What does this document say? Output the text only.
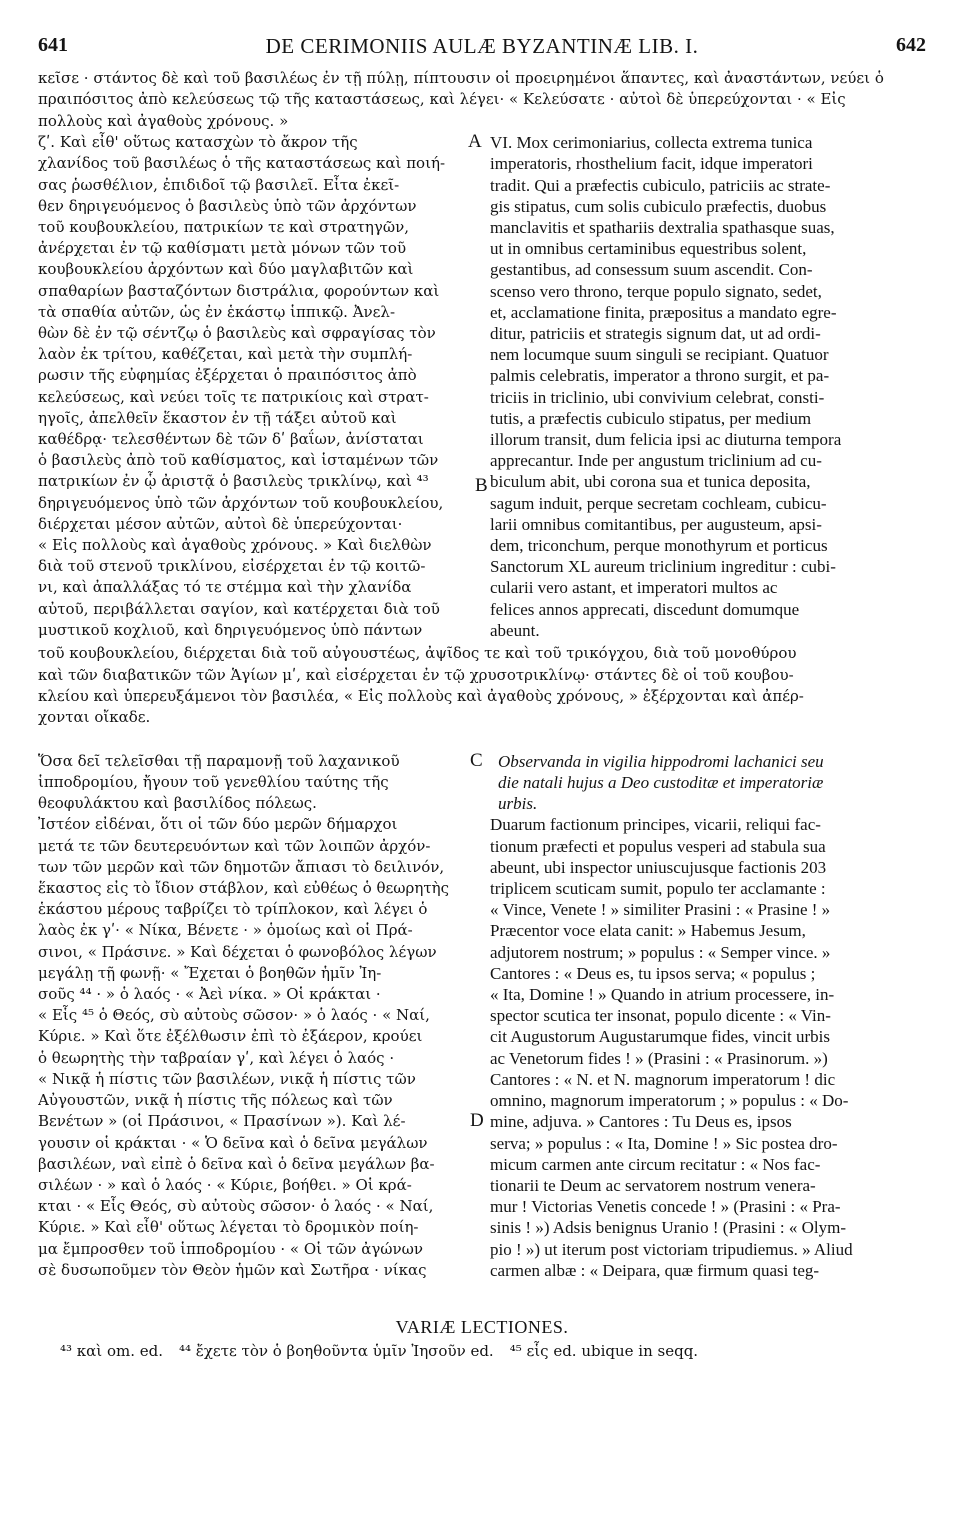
641	DE CERIMONIIS AULÆ BYZANTINÆ LIB. I.	642
κεῖσε · στάντος δὲ καὶ τοῦ βασιλέως ἐν τῇ πύλῃ, πίπτουσιν οἱ προειρημένοι ἅπαντες, καὶ ἀναστάντων, νεύει ὁ
πραιπόσιτος ἀπὸ κελεύσεως τῷ τῆς καταστάσεως, καὶ λέγει· « Κελεύσατε · αὐτοὶ δὲ ὑπερεύχονται · « Εἰς
πολλοὺς καὶ ἀγαθοὺς χρόνους. »
ζʹ. Καὶ εἶθ' οὕτως κατασχὼν τὸ ἄκρον τῆς
χλανίδος τοῦ βασιλέως ὁ τῆς καταστάσεως καὶ ποιή-
σας ῥωσθέλιον, ἐπιδιδοῖ τῷ βασιλεῖ. Εἶτα ἐκεῖ-
θεν δηριγευόμενος ὁ βασιλεὺς ὑπὸ τῶν ἀρχόντων
τοῦ κουβουκλείου, πατρικίων τε καὶ στρατηγῶν,
ἀνέρχεται ἐν τῷ καθίσματι μετὰ μόνων τῶν τοῦ
κουβουκλείου ἀρχόντων καὶ δύο μαγλαβιτῶν καὶ
σπαθαρίων βασταζόντων διστράλια, φορούντων καὶ
τὰ σπαθία αὐτῶν, ὡς ἐν ἑκάστῳ ἱππικῷ. Ἀνελ-
θὼν δὲ ἐν τῷ σέντζῳ ὁ βασιλεὺς καὶ σφραγίσας τὸν
λαὸν ἐκ τρίτου, καθέζεται, καὶ μετὰ τὴν συμπλή-
ρωσιν τῆς εὐφημίας ἐξέρχεται ὁ πραιπόσιτος ἀπὸ
κελεύσεως, καὶ νεύει τοῖς τε πατρικίοις καὶ στρατ-
ηγοῖς, ἀπελθεῖν ἕκαστον ἐν τῇ τάξει αὐτοῦ καὶ
καθέδρᾳ· τελεσθέντων δὲ τῶν δʹ βαΐων, ἀνίσταται
ὁ βασιλεὺς ἀπὸ τοῦ καθίσματος, καὶ ἱσταμένων τῶν
πατρικίων ἐν ᾧ ἀριστᾷ ὁ βασιλεὺς τρικλίνῳ, καὶ ⁴³
δηριγευόμενος ὑπὸ τῶν ἀρχόντων τοῦ κουβουκλείου,
διέρχεται μέσον αὐτῶν, αὐτοὶ δὲ ὑπερεύχονται·
« Εἰς πολλοὺς καὶ ἀγαθοὺς χρόνους. » Καὶ διελθὼν
διὰ τοῦ στενοῦ τρικλίνου, εἰσέρχεται ἐν τῷ κοιτῶ-
νι, καὶ ἀπαλλάξας τό τε στέμμα καὶ τὴν χλανίδα
αὐτοῦ, περιβάλλεται σαγίον, καὶ κατέρχεται διὰ τοῦ
μυστικοῦ κοχλιοῦ, καὶ δηριγευόμενος ὑπὸ πάντων
VI. Mox cerimoniarius, collecta extrema tunica
imperatoris, rhosthelium facit, idque imperatori
tradit. Qui a præfectis cubiculo, patriciis ac strate-
gis stipatus, cum solis cubiculo præfectis, duobus
manclavitis et spathariis dextralia spathasque suas,
ut in omnibus certaminibus equestribus solent,
gestantibus, ad consessum suum ascendit. Con-
scenso vero throno, terque populo signato, sedet,
et, acclamatione finita, præpositus a mandato egre-
ditur, patriciis et strategis signum dat, ut ad ordi-
nem locumque suum singuli se recipiant. Quatuor
palmis celebratis, imperator a throno surgit, et pa-
triciis in triclinio, ubi convivium celebrat, consti-
tutis, a præfectis cubiculo stipatus, per medium
illorum transit, dum felicia ipsi ac diuturna tempora
apprecantur. Inde per angustum triclinium ad cu-
biculum abit, ubi corona sua et tunica deposita,
sagum induit, perque secretam cochleam, cubicu-
larii omnibus comitantibus, per augusteum, apsi-
dem, triconchum, perque monothyrum et porticus
Sanctorum XL aureum triclinium ingreditur : cubi-
cularii vero astant, et imperatori multos ac
felices annos apprecati, discedunt domumque
abeunt.
A
B
τοῦ κουβουκλείου, διέρχεται διὰ τοῦ αὐγουστέως, ἀψῖδος τε καὶ τοῦ τρικόγχου, διὰ τοῦ μονοθύρου
καὶ τῶν διαβατικῶν τῶν Ἁγίων μʹ, καὶ εἰσέρχεται ἐν τῷ χρυσοτρικλίνῳ· στάντες δὲ οἱ τοῦ κουβου-
κλείου καὶ ὑπερευξάμενοι τὸν βασιλέα, « Εἰς πολλοὺς καὶ ἀγαθοὺς χρόνους, » ἐξέρχονται καὶ ἀπέρ-
χονται οἴκαδε.
Ὅσα δεῖ τελεῖσθαι τῇ παραμονῇ τοῦ λαχανικοῦ
ἱπποδρομίου, ἤγουν τοῦ γενεθλίου ταύτης τῆς
θεοφυλάκτου καὶ βασιλίδος πόλεως.
Ἰστέον εἰδέναι, ὅτι οἱ τῶν δύο μερῶν δήμαρχοι
μετά τε τῶν δευτερευόντων καὶ τῶν λοιπῶν ἀρχόν-
των τῶν μερῶν καὶ τῶν δημοτῶν ἄπιασι τὸ δειλινόν,
ἕκαστος εἰς τὸ ἴδιον στάβλον, καὶ εὐθέως ὁ θεωρητὴς
ἑκάστου μέρους ταβρίζει τὸ τρίπλοκον, καὶ λέγει ὁ
λαὸς ἐκ γʹ· « Νίκα, Βένετε · » ὁμοίως καὶ οἱ Πρά-
σινοι, « Πράσινε. » Καὶ δέχεται ὁ φωνοβόλος λέγων
μεγάλῃ τῇ φωνῇ· « Ἔχεται ὁ βοηθῶν ἡμῖν Ἰη-
σοῦς ⁴⁴ · » ὁ λαός · « Ἀεὶ νίκα. » Οἱ κράκται ·
« Εἷς ⁴⁵ ὁ Θεός, σὺ αὐτοὺς σῶσον· » ὁ λαός · « Ναί,
Κύριε. » Καὶ ὅτε ἐξέλθωσιν ἐπὶ τὸ ἐξάερον, κρούει
ὁ θεωρητὴς τὴν ταβραίαν γʹ, καὶ λέγει ὁ λαός ·
« Νικᾷ ἡ πίστις τῶν βασιλέων, νικᾷ ἡ πίστις τῶν
Αὐγουστῶν, νικᾷ ἡ πίστις τῆς πόλεως καὶ τῶν
Βενέτων » (οἱ Πράσινοι, « Πρασίνων »). Καὶ λέ-
γουσιν οἱ κράκται · « Ὁ δεῖνα καὶ ὁ δεῖνα μεγάλων
βασιλέων, ναὶ εἰπὲ ὁ δεῖνα καὶ ὁ δεῖνα μεγάλων βα-
σιλέων · » καὶ ὁ λαός · « Κύριε, βοήθει. » Οἱ κρά-
κται · « Εἷς Θεός, σὺ αὐτοὺς σῶσον· ὁ λαός · « Ναί,
Κύριε. » Καὶ εἶθ' οὕτως λέγεται τὸ δρομικὸν ποίη-
μα ἔμπροσθεν τοῦ ἱπποδρομίου · « Οἱ τῶν ἀγώνων
σὲ δυσωποῦμεν τὸν Θεὸν ἡμῶν καὶ Σωτῆρα · νίκας
Observanda in vigilia hippodromi lachanici seu
die natali hujus a Deo custoditæ et imperatoriæ
urbis.
Duarum factionum principes, vicarii, reliqui fac-
tionum præfecti et populus vesperi ad stabula sua
abeunt, ubi inspector uniuscujusque factionis 203
triplicem scuticam sumit, populo ter acclamante :
« Vince, Venete ! » similiter Prasini : « Prasine ! »
Præcentor voce elata canit: » Habemus Jesum,
adjutorem nostrum; » populus : « Semper vince. »
Cantores : « Deus es, tu ipsos serva; « populus ;
« Ita, Domine ! » Quando in atrium processere, in-
spector scutica ter insonat, populo dicente : « Vin-
cit Augustorum Augustarumque fides, vincit urbis
ac Venetorum fides ! » (Prasini : « Prasinorum. »)
Cantores : « N. et N. magnorum imperatorum ! dic
omnino, magnorum imperatorum ; » populus : « Do-
mine, adjuva. » Cantores : Tu Deus es, ipsos
serva; » populus : « Ita, Domine ! » Sic postea dro-
micum carmen ante circum recitatur : « Nos fac-
tionarii te Deum ac servatorem nostrum venera-
mur ! Victorias Venetis concede ! » (Prasini : « Pra-
sinis ! ») Adsis benignus Uranio ! (Prasini : « Olym-
pio ! ») ut iterum post victoriam tripudiemus. » Aliud
carmen albæ : « Deipara, quæ firmum quasi teg-
C
D
VARIÆ LECTIONES.
⁴³ καὶ om. ed. ⁴⁴ ἔχετε τὸν ὁ βοηθοῦντα ὑμῖν Ἰησοῦν ed. ⁴⁵ εἷς ed. ubique in seqq.
